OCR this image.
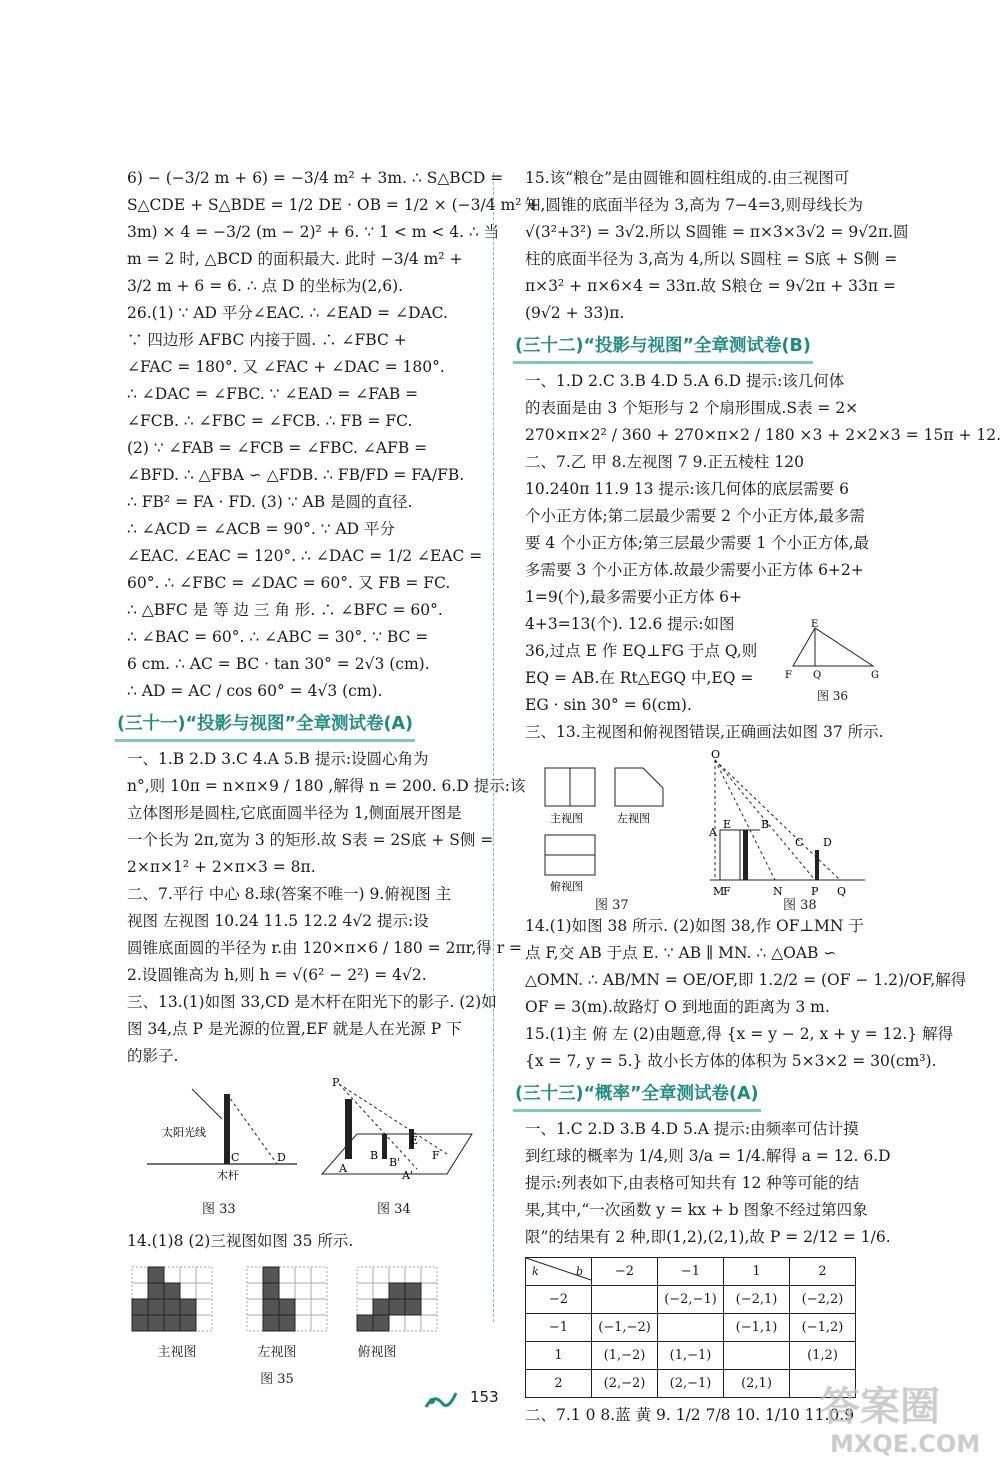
6) − (−3/2 m + 6) = −3/4 m² + 3m. ∴ S△BCD =
S△CDE + S△BDE = 1/2 DE · OB = 1/2 × (−3/4 m² +
3m) × 4 = −3/2 (m − 2)² + 6. ∵ 1 < m < 4. ∴ 当
m = 2 时, △BCD 的面积最大. 此时 −3/4 m² +
3/2 m + 6 = 6. ∴ 点 D 的坐标为(2,6).
26.(1) ∵ AD 平分∠EAC. ∴ ∠EAD = ∠DAC.
∵ 四边形 AFBC 内接于圆. ∴ ∠FBC +
∠FAC = 180°. 又 ∠FAC + ∠DAC = 180°.
∴ ∠DAC = ∠FBC. ∵ ∠EAD = ∠FAB =
∠FCB. ∴ ∠FBC = ∠FCB. ∴ FB = FC.
(2) ∵ ∠FAB = ∠FCB = ∠FBC. ∠AFB =
∠BFD. ∴ △FBA ∽ △FDB. ∴ FB/FD = FA/FB.
∴ FB² = FA · FD. (3) ∵ AB 是圆的直径.
∴ ∠ACD = ∠ACB = 90°. ∵ AD 平分
∠EAC. ∠EAC = 120°. ∴ ∠DAC = 1/2 ∠EAC =
60°. ∴ ∠FBC = ∠DAC = 60°. 又 FB = FC.
∴ △BFC 是 等 边 三 角 形. ∴ ∠BFC = 60°.
∴ ∠BAC = 60°. ∴ ∠ABC = 30°. ∵ BC =
6 cm. ∴ AC = BC · tan 30° = 2√3 (cm).
∴ AD = AC / cos 60° = 4√3 (cm).
(三十一)“投影与视图”全章测试卷(A)
一、1.B 2.D 3.C 4.A 5.B 提示:设圆心角为
n°,则 10π = n×π×9 / 180 ,解得 n = 200. 6.D 提示:该
立体图形是圆柱,它底面圆半径为 1,侧面展开图是
一个长为 2π,宽为 3 的矩形.故 S表 = 2S底 + S侧 =
2×π×1² + 2×π×3 = 8π.
二、7.平行 中心 8.球(答案不唯一) 9.俯视图 主
视图 左视图 10.24 11.5 12.2 4√2 提示:设
圆锥底面圆的半径为 r.由 120×π×6 / 180 = 2πr,得 r =
2.设圆锥高为 h,则 h = √(6² − 2²) = 4√2.
三、13.(1)如图 33,CD 是木杆在阳光下的影子. (2)如
图 34,点 P 是光源的位置,EF 就是人在光源 P 下
的影子.
太阳光线
C	D
木杆
P
A
B
B'
A'
E
F
图 33	图 34
14.(1)8 (2)三视图如图 35 所示.
主视图	左视图	俯视图
图 35
15.该“粮仓”是由圆锥和圆柱组成的.由三视图可
知,圆锥的底面半径为 3,高为 7−4=3,则母线长为
√(3²+3²) = 3√2.所以 S圆锥 = π×3×3√2 = 9√2π.圆
柱的底面半径为 3,高为 4,所以 S圆柱 = S底 + S侧 =
π×3² + π×6×4 = 33π.故 S粮仓 = 9√2π + 33π =
(9√2 + 33)π.
(三十二)“投影与视图”全章测试卷(B)
一、1.D 2.C 3.B 4.D 5.A 6.D 提示:该几何体
的表面是由 3 个矩形与 2 个扇形围成.S表 = 2×
270×π×2² / 360 + 270×π×2 / 180 ×3 + 2×2×3 = 15π + 12.
二、7.乙 甲 8.左视图 7 9.正五棱柱 120
10.240π 11.9 13 提示:该几何体的底层需要 6
个小正方体;第二层最少需要 2 个小正方体,最多需
要 4 个小正方体;第三层最少需要 1 个小正方体,最
多需要 3 个小正方体.故最少需要小正方体 6+2+
1=9(个),最多需要小正方体 6+
4+3=13(个). 12.6 提示:如图
36,过点 E 作 EQ⊥FG 于点 Q,则
EQ = AB.在 Rt△EGQ 中,EQ =
EG · sin 30° = 6(cm).
三、13.主视图和俯视图错误,正确画法如图 37 所示.
E
F Q	G
图 36
主视图	左视图
俯视图
O
A
E	B
C D
M
F	N	P Q
图 37	图 38
14.(1)如图 38 所示. (2)如图 38,作 OF⊥MN 于
点 F,交 AB 于点 E. ∵ AB ∥ MN. ∴ △OAB ∽
△OMN. ∴ AB/MN = OE/OF,即 1.2/2 = (OF − 1.2)/OF,解得
OF = 3(m).故路灯 O 到地面的距离为 3 m.
15.(1)主 俯 左 (2)由题意,得 {x = y − 2, x + y = 12.} 解得
{x = 7, y = 5.} 故小长方体的体积为 5×3×2 = 30(cm³).
(三十三)“概率”全章测试卷(A)
一、1.C 2.D 3.B 4.D 5.A 提示:由频率可估计摸
到红球的概率为 1/4,则 3/a = 1/4.解得 a = 12. 6.D
提示:列表如下,由表格可知共有 12 种等可能的结
果,其中,“一次函数 y = kx + b 图象不经过第四象
限”的结果有 2 种,即(1,2),(2,1),故 P = 2/12 = 1/6.
b
k	−2	−1	1	2
−2		(−2,−1)	(−2,1)	(−2,2)
−1	(−1,−2)		(−1,1)	(−1,2)
1	(1,−2)	(1,−1)		(1,2)
2	(2,−2)	(2,−1)	(2,1)	
二、7.1 0 8.蓝 黄 9. 1/2 7/8 10. 1/10 11.0.9
153	答案圈
MXQE.COM
